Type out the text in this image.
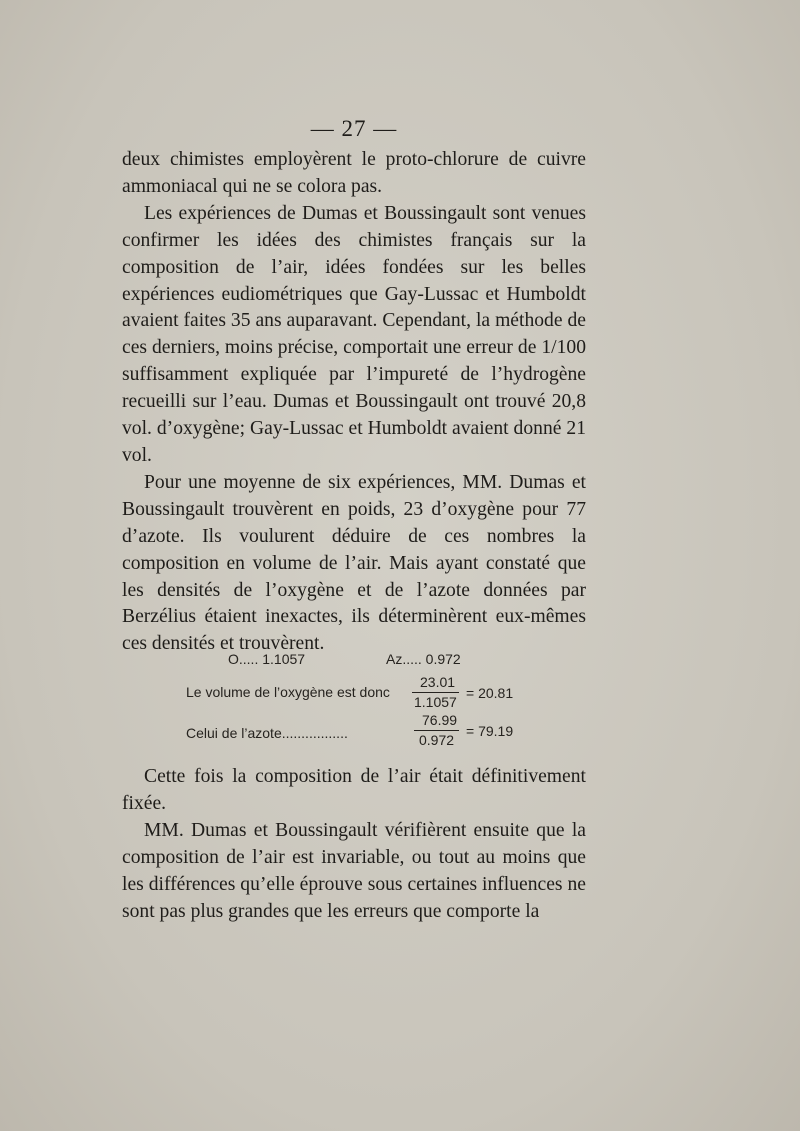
— 27 —

deux chimistes employèrent le proto-chlorure de cuivre ammoniacal qui ne se colora pas.

Les expériences de Dumas et Boussingault sont venues confirmer les idées des chimistes français sur la composition de l’air, idées fondées sur les belles expériences eudiométriques que Gay-Lussac et Humboldt avaient faites 35 ans auparavant. Cependant, la méthode de ces derniers, moins précise, comportait une erreur de 1/100 suffisamment expliquée par l’impureté de l’hydrogène recueilli sur l’eau. Dumas et Boussingault ont trouvé 20,8 vol. d’oxygène; Gay-Lussac et Humboldt avaient donné 21 vol.

Pour une moyenne de six expériences, MM. Dumas et Boussingault trouvèrent en poids, 23 d’oxygène pour 77 d’azote. Ils voulurent déduire de ces nombres la composition en volume de l’air. Mais ayant constaté que les densités de l’oxygène et de l’azote données par Berzélius étaient inexactes, ils déterminèrent eux-mêmes ces densités et trouvèrent.

O..... 1.1057	Az..... 0.972
Le volume de l’oxygène est donc
23.01
1.1057
= 20.81
Celui de l’azote.................
76.99
0.972
= 79.19

Cette fois la composition de l’air était définitivement fixée.

MM. Dumas et Boussingault vérifièrent ensuite que la composition de l’air est invariable, ou tout au moins que les différences qu’elle éprouve sous certaines influences ne sont pas plus grandes que les erreurs que comporte la
